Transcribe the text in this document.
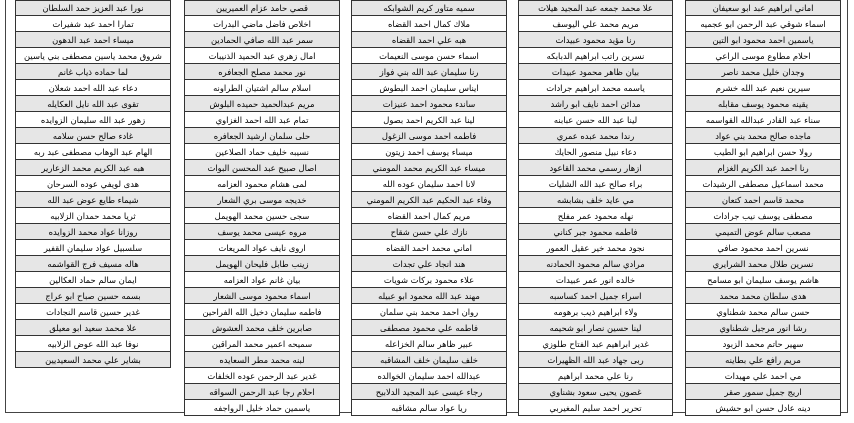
اماني ابراهيم عبد ابو سعيفان
اسماء شوقي عبد الرحمن ابو عجميه
ياسمين احمد محمود ابو التين
احلام مطاوع موسى الراعي
وجدان خليل محمد ناصر
سيرين نعيم عبد الله خشرم
يقينه محمود يوسف مقابله
سناء عبد القادر عبدالله القواسمه
ماجده صالح محمد بني عواد
رولا حسن ابراهيم ابو الطيب
رنا احمد عبد الكريم الغزام
محمد اسماعيل مصطفى الرشيدات
محمد قاسم احمد كتعان
مصطفى يوسف نيب جرادات
مصعب سالم عوض التميمي
نسرين احمد محمود صافي
نسرين طلال محمد الشرايري
هاشم يوسف سليمان ابو مسامح
هدى سلطان محمد محمد
حسن سالم محمد شطناوي
رشا انور مرجيل شطناوي
سهير حاتم محمد الزبود
مريم رافع علي بطاينه
مي احمد علي مهيدات
اريج جميل سمور صقر
دينه عادل حسن ابو حشيش
علا محمد جمعه عبد المجيد هيلات
مريم محمد علي اليوسف
رنا مؤيد محمود عبيدات
نسرين راتب ابراهيم الدبابكه
بيان ظاهر محمود عبيدات
ياسمه محمد ابراهيم جرادات
مدائن احمد نايف ابو راشد
لينا عبد الله حسن عبابنه
رندا محمد عبده عمري
دعاء نبيل منصور الحايك
ازهار رسمي محمد القاعود
براء صالح عبد الله الشليات
مي عايد خلف بشابشه
نهله محمود عمر مفلح
فاطمه محمود جبر كناني
نجود محمد خير عقيل العمور
مرادي سالم محمود الحمادنه
خالده انور عمر عبيدات
اسراء جميل احمد كساسبه
ولاء ابراهيم ذيب برهومه
لينا حسين نصار ابو شحيمه
غدير ابراهيم عبد الفتاح طلوزي
ربى جهاد عبد الله الظهيرات
رنا علي محمد ابراهيم
غصون يحيى سعود بشناوي
تحرير احمد سليم المغيربي
سميه متاور كريم الشوابكه
ملاك كمال احمد القضاه
هبه علي احمد القضاه
اسماء حسن موسى النعيمات
رنا سليمان عبد الله بني فواز
ايناس سليمان احمد البطوش
ساندء محمود احمد عنيزات
لينا عبد الكريم احمد بصول
فاطمه احمد موسى الزغول
ميساء يوسف احمد زيتون
ميساء عبد الكريم محمد المومني
لانا احمد سليمان عوده الله
وفاء عبد الحكيم عبد الكريم المومني
مريم كمال احمد القضاه
نازك علي حسن شقاح
اماني محمد احمد القضاه
هند انجاد علي تجدات
علاء محمود بركات شويات
مهند عبد الله محمود ابو عبيله
روان احمد محمد بني سلمان
فاطمه علي محمود مصطفى
عبير ظاهر سالم الخزاعله
خلف سليمان خلف المشاقبه
عبدالله احمد سليمان الخوالده
رجاء عيسى عبد المجيد الدلابيح
ريا عواد سالم مشاقبه
قصي حامد عزام العميريين
اخلاص فاضل ماضي البدرات
سمر عبد الله صافي الحمادين
امال زهري عبد الحميد الذنيبات
نور محمد مصلح الجعافره
اسلام سالم اشتيان الطراونه
مريم عبدالحميد حميده البلوش
تمام عبد الله احمد الغزاوي
حلى سلمان ارشيد الجعافره
نسيبه خليف حماد الصلاعين
اصال صبيح عبد المحسن البوات
لمى هشام محمود العزامه
خديجه موسى بري الشعار
سجى حسين محمد الهويمل
مروه عيسى محمد يوسف
اروى نايف عواد المريعات
زينب طابل فليحان الهويمل
بيان غانم عواد العزامه
اسماء محمود موسى الشعار
فاطمه سليمان دخيل الله الفراحين
صابرين خلف محمد العشوش
سميحه اعمير محمد المراقين
لبنه محمد مطر السعايده
غدير عبد الرحمن عوده الخلفات
احلام رجا عبد الرحمن السواقه
ياسمين حماد خليل الرواجفه
نورا عبد العزيز حمد السلطان
تمارا احمد عبد شفيرات
ميساء احمد عبد الدهون
شروق محمد ياسين مصطفى بني ياسين
لما حماده ذياب غانم
دعاء عبد الله احمد شعلان
تقوى عبد الله نايل العكايله
زهور عبد الله سليمان الزوايده
غادء صالح حسن سلامه
الهام عبد الوهاب مصطفى عبد ربه
هبه عبد الكريم محمد الزعارير
هدى لويفي عوده السرحان
شيماء طايع عوض عبد الله
ثريا محمد حمدان الزلابيه
روزانا عواد محمد الزوايده
سلسبيل عواد سليمان القفير
هاله مسيف فرج القواشمه
ايمان سالم حماد العكالين
بسمه حسين صباح ابو عراج
غدير حسين قاسم النجادات
علا محمد سعيد ابو معيلق
نوفا عبد الله عوض الزلابيه
بشاير علي محمد السعيديين
